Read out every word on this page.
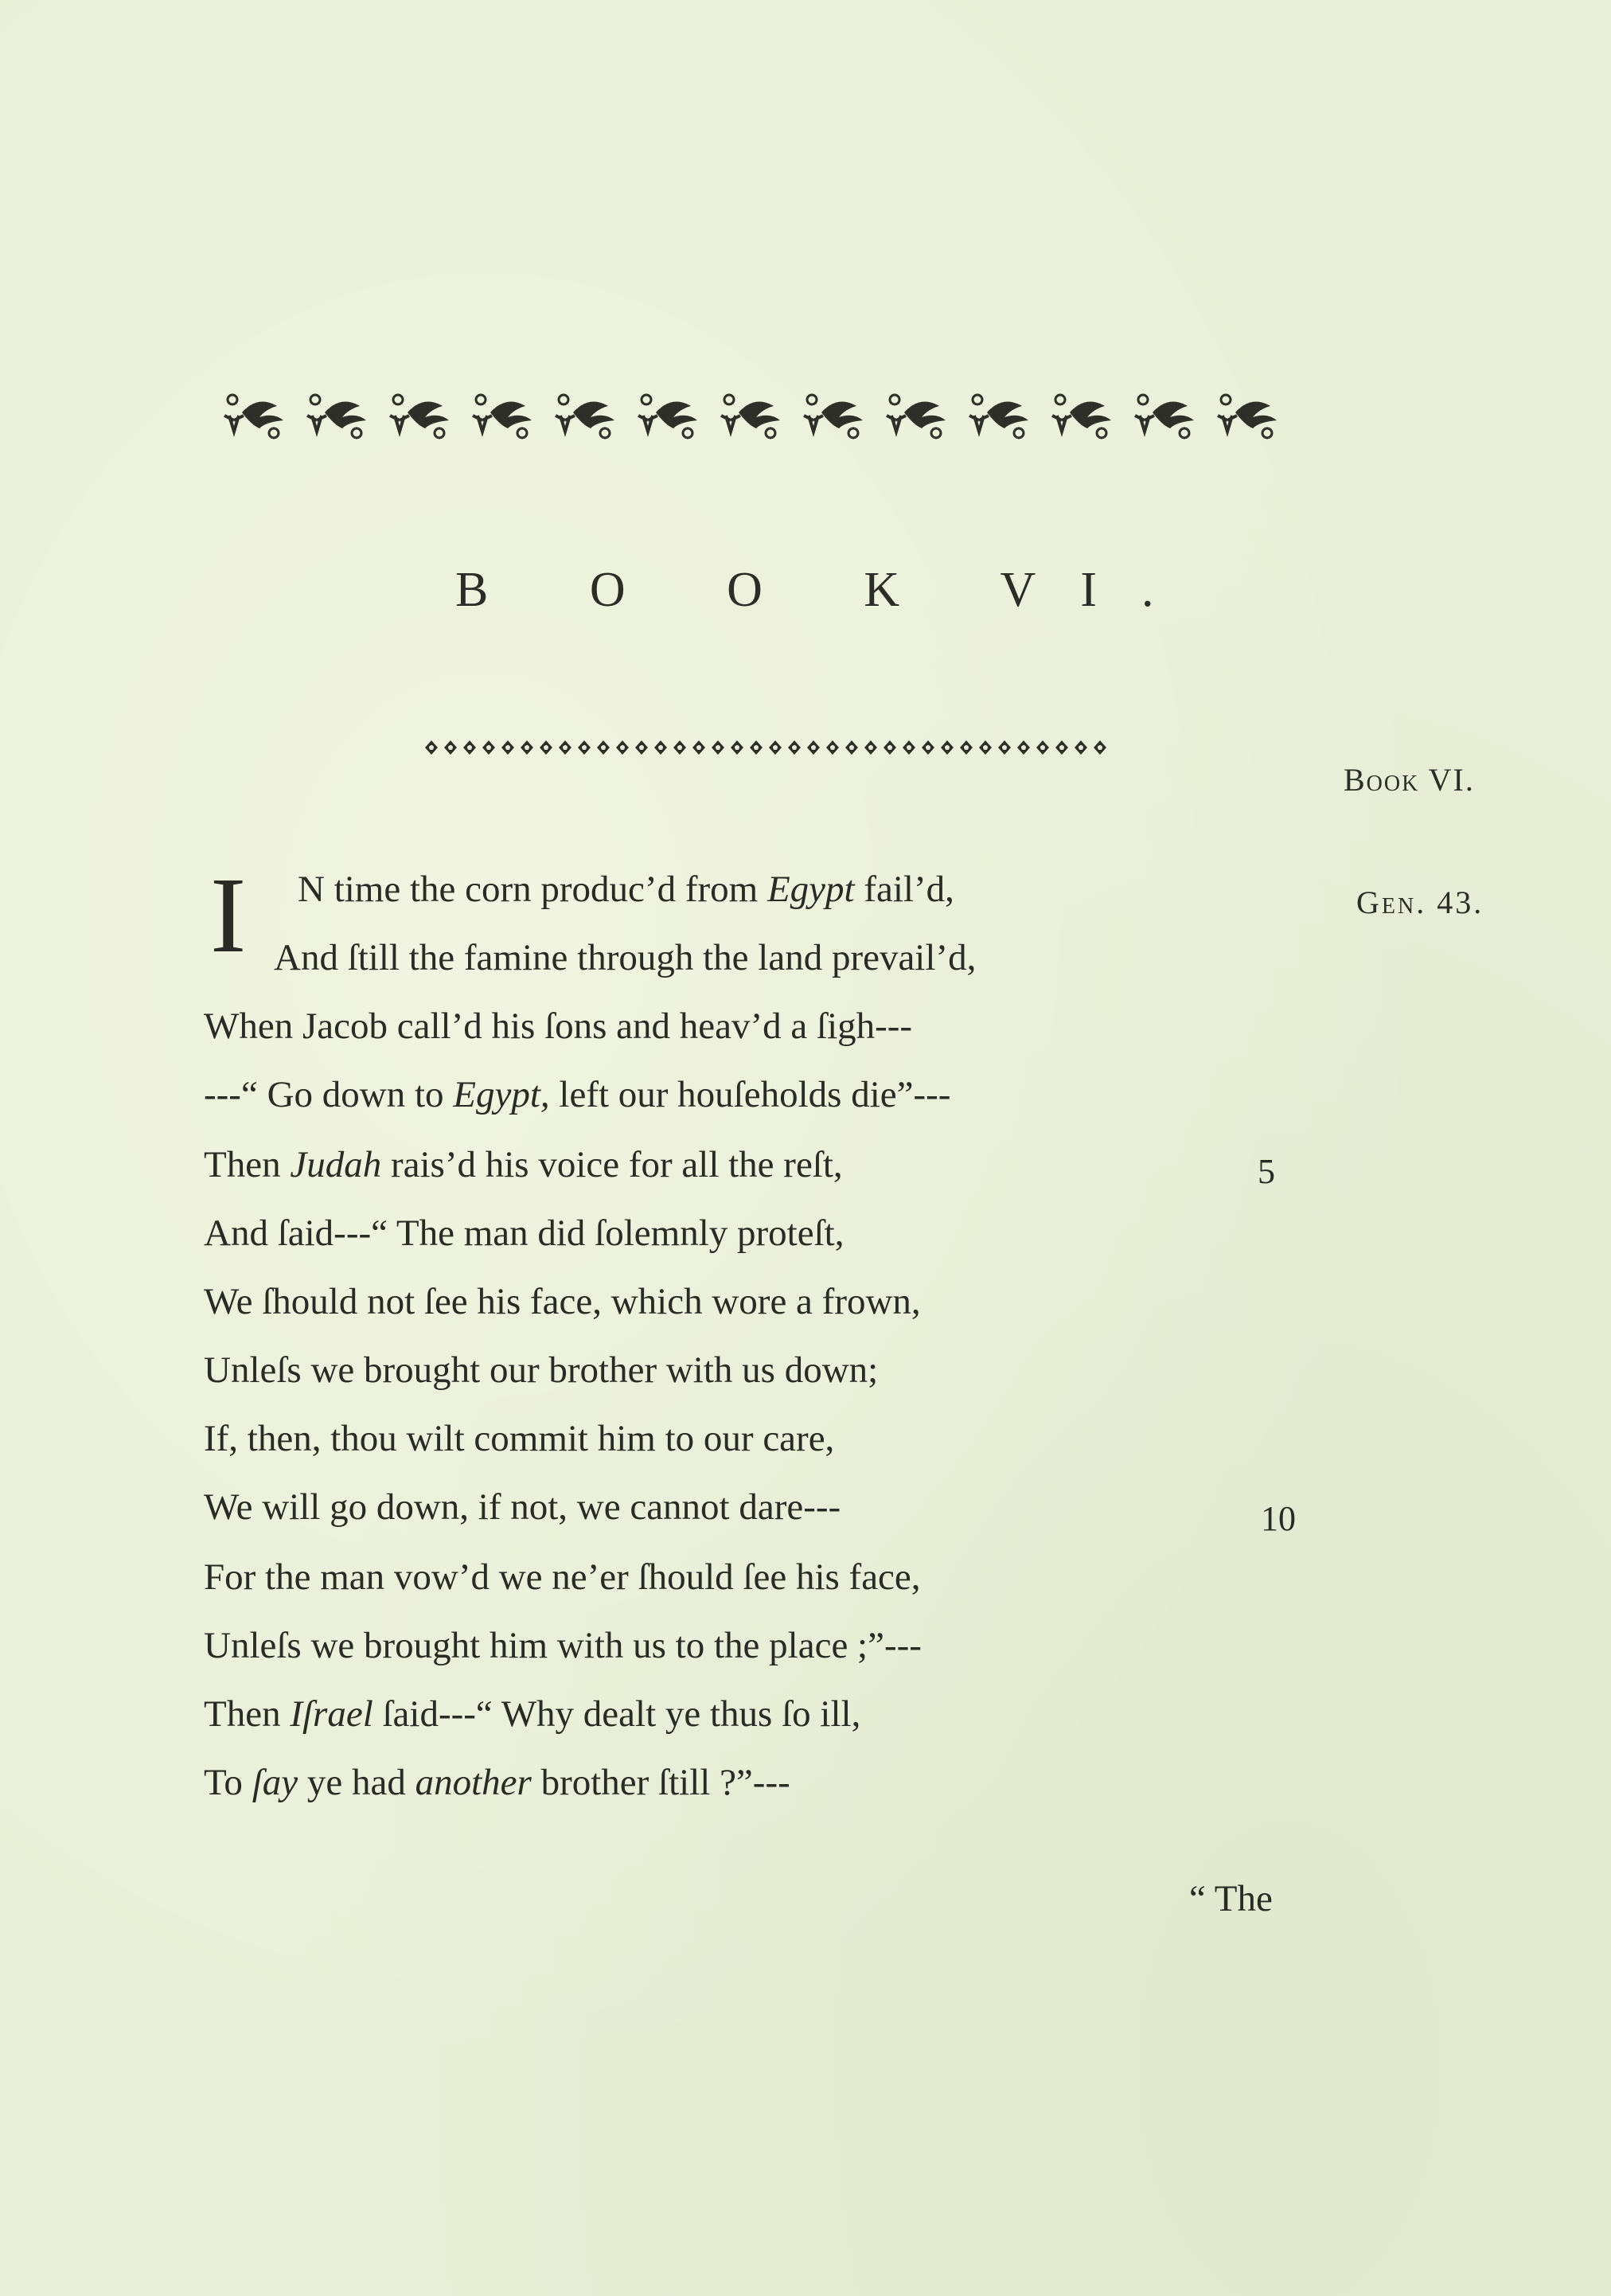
B O O K VI.
Book VI.
Gen. 43.
I N time the corn produc’d from Egypt fail’d,
And ſtill the famine through the land prevail’d,
When Jacob call’d his ſons and heav’d a ſigh---
---“ Go down to Egypt, left our houſeholds die”---
Then Judah rais’d his voice for all the reſt,
And ſaid---“ The man did ſolemnly proteſt,
We ſhould not ſee his face, which wore a frown,
Unleſs we brought our brother with us down;
If, then, thou wilt commit him to our care,
We will go down, if not, we cannot dare---
For the man vow’d we ne’er ſhould ſee his face,
Unleſs we brought him with us to the place ;”---
Then Iſrael ſaid---“ Why dealt ye thus ſo ill,
To ſay ye had another brother ſtill ?”---
5
10
“ The
